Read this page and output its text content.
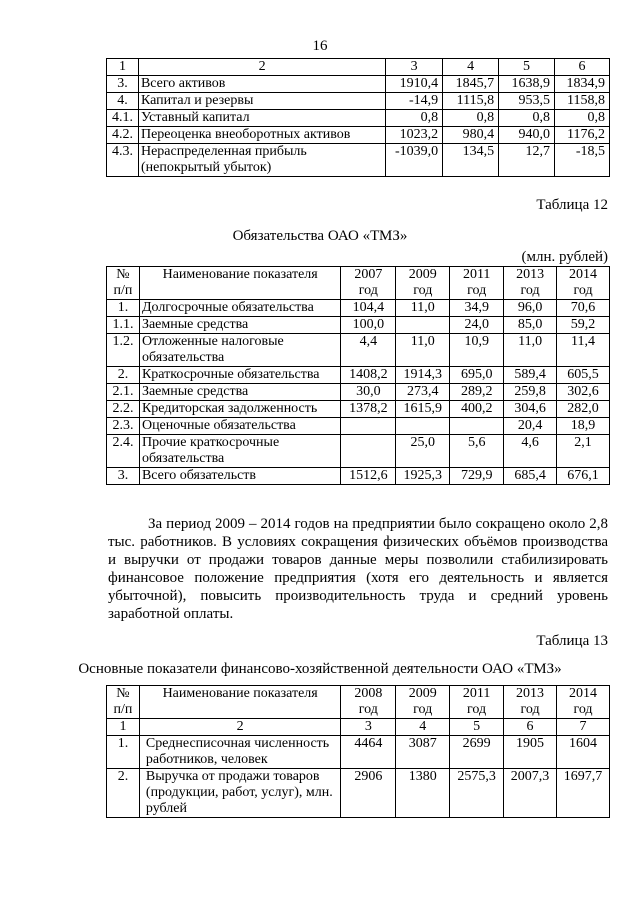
16
1	2	3	4	5	6
3.	Всего активов	1910,4	1845,7	1638,9	1834,9
4.	Капитал и резервы	-14,9	1115,8	953,5	1158,8
4.1.	Уставный капитал	0,8	0,8	0,8	0,8
4.2.	Переоценка внеоборотных активов	1023,2	980,4	940,0	1176,2
4.3.	Нераспределенная прибыль (непокрытый убыток)	-1039,0	134,5	12,7	-18,5
Таблица 12
Обязательства ОАО «ТМЗ»
(млн. рублей)
№ п/п	Наименование показателя	2007 год	2009 год	2011 год	2013 год	2014 год
1.	Долгосрочные обязательства	104,4	11,0	34,9	96,0	70,6
1.1.	Заемные средства	100,0		24,0	85,0	59,2
1.2.	Отложенные налоговые обязательства	4,4	11,0	10,9	11,0	11,4
2.	Краткосрочные обязательства	1408,2	1914,3	695,0	589,4	605,5
2.1.	Заемные средства	30,0	273,4	289,2	259,8	302,6
2.2.	Кредиторская задолженность	1378,2	1615,9	400,2	304,6	282,0
2.3.	Оценочные обязательства				20,4	18,9
2.4.	Прочие краткосрочные обязательства		25,0	5,6	4,6	2,1
3.	Всего обязательств	1512,6	1925,3	729,9	685,4	676,1
За период 2009 – 2014 годов на предприятии было сокращено около 2,8 тыс. работников. В условиях сокращения физических объёмов производства и выручки от продажи товаров данные меры позволили стабилизировать финансовое положение предприятия (хотя его деятельность и является убыточной), повысить производительность труда и средний уровень заработной оплаты.
Таблица 13
Основные показатели финансово-хозяйственной деятельности ОАО «ТМЗ»
№ п/п	Наименование показателя	2008 год	2009 год	2011 год	2013 год	2014 год
1	2	3	4	5	6	7
1.	Среднесписочная численность работников, человек	4464	3087	2699	1905	1604
2.	Выручка от продажи товаров (продукции, работ, услуг), млн. рублей	2906	1380	2575,3	2007,3	1697,7
